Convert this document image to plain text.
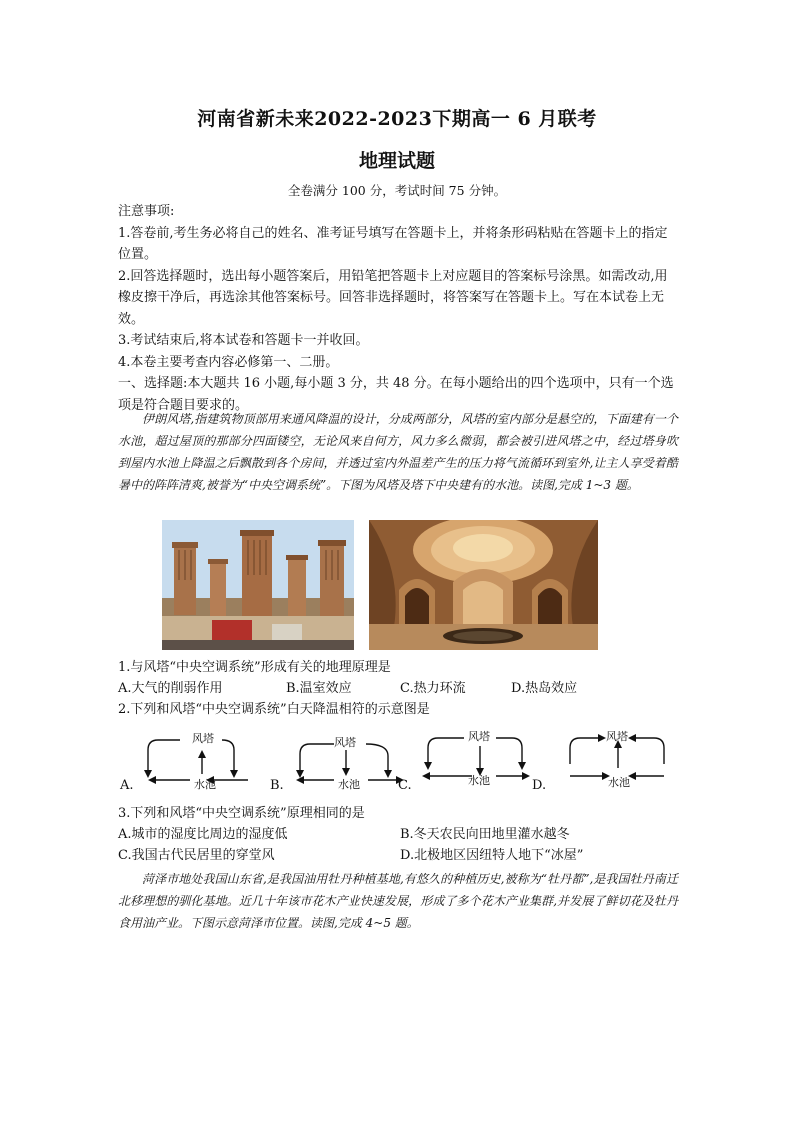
河南省新未来2022-2023下期高一 6 月联考
地理试题
全卷满分 100 分，考试时间 75 分钟。

注意事项:

1.答卷前,考生务必将自己的姓名、准考证号填写在答题卡上，并将条形码粘贴在答题卡上的指定位置。

2.回答选择题时，选出每小题答案后，用铅笔把答题卡上对应题目的答案标号涂黑。如需改动,用橡皮擦干净后，再选涂其他答案标号。回答非选择题时，将答案写在答题卡上。写在本试卷上无效。

3.考试结束后,将本试卷和答题卡一并收回。

4.本卷主要考查内容必修第一、二册。

一、选择题:本大题共 16 小题,每小题 3 分，共 48 分。在每小题给出的四个选项中，只有一个选项是符合题目要求的。

伊朗风塔,指建筑物顶部用来通风降温的设计，分成两部分，风塔的室内部分是悬空的，下面建有一个水池，超过屋顶的那部分四面镂空，无论风来自何方，风力多么微弱，都会被引进风塔之中，经过塔身吹到屋内水池上降温之后飘散到各个房间，并透过室内外温差产生的压力将气流循环到室外,让主人享受着酷暑中的阵阵清爽,被誉为“中央空调系统”。下图为风塔及塔下中央建有的水池。读图,完成 1~3 题。
1.与风塔“中央空调系统”形成有关的地理原理是
A.大气的削弱作用	B.温室效应	C.热力环流	D.热岛效应
2.下列和风塔“中央空调系统”白天降温相符的示意图是
风塔
水池
A.
风塔
水池
B.
风塔
水池
C.
风塔
水池
D.
3.下列和风塔“中央空调系统”原理相同的是
A.城市的湿度比周边的湿度低	B.冬天农民向田地里灌水越冬
C.我国古代民居里的穿堂风	D.北极地区因纽特人地下“冰屋”
菏泽市地处我国山东省,是我国油用牡丹种植基地,有悠久的种植历史,被称为“牡丹都”,是我国牡丹南迁北移理想的驯化基地。近几十年该市花木产业快速发展，形成了多个花木产业集群,并发展了鲜切花及牡丹食用油产业。下图示意菏泽市位置。读图,完成 4~5 题。
